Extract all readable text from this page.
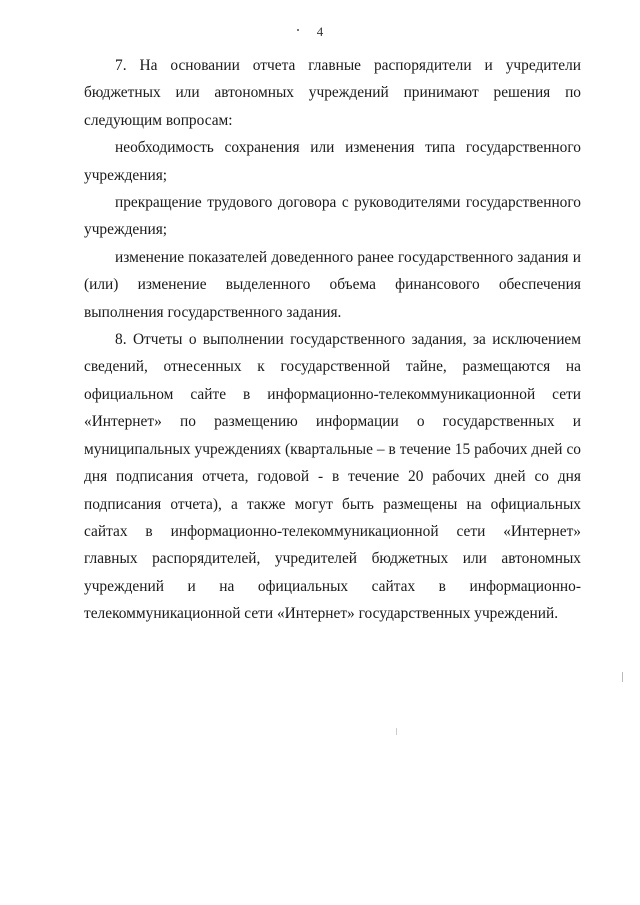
4

7. На основании отчета главные распорядители и учредители бюджетных или автономных учреждений принимают решения по следующим вопросам:

необходимость сохранения или изменения типа государственного учреждения;

прекращение трудового договора с руководителями государственного учреждения;

изменение показателей доведенного ранее государственного задания и (или) изменение выделенного объема финансового обеспечения выполнения государственного задания.

8. Отчеты о выполнении государственного задания, за исключением сведений, отнесенных к государственной тайне, размещаются на официальном сайте в информационно-телекоммуникационной сети «Интернет» по размещению информации о государственных и муниципальных учреждениях (квартальные – в течение 15 рабочих дней со дня подписания отчета, годовой - в течение 20 рабочих дней со дня подписания отчета), а также могут быть размещены на официальных сайтах в информационно-телекоммуникационной сети «Интернет» главных распорядителей, учредителей бюджетных или автономных учреждений и на официальных сайтах в информационно-телекоммуникационной сети «Интернет» государственных учреждений.
